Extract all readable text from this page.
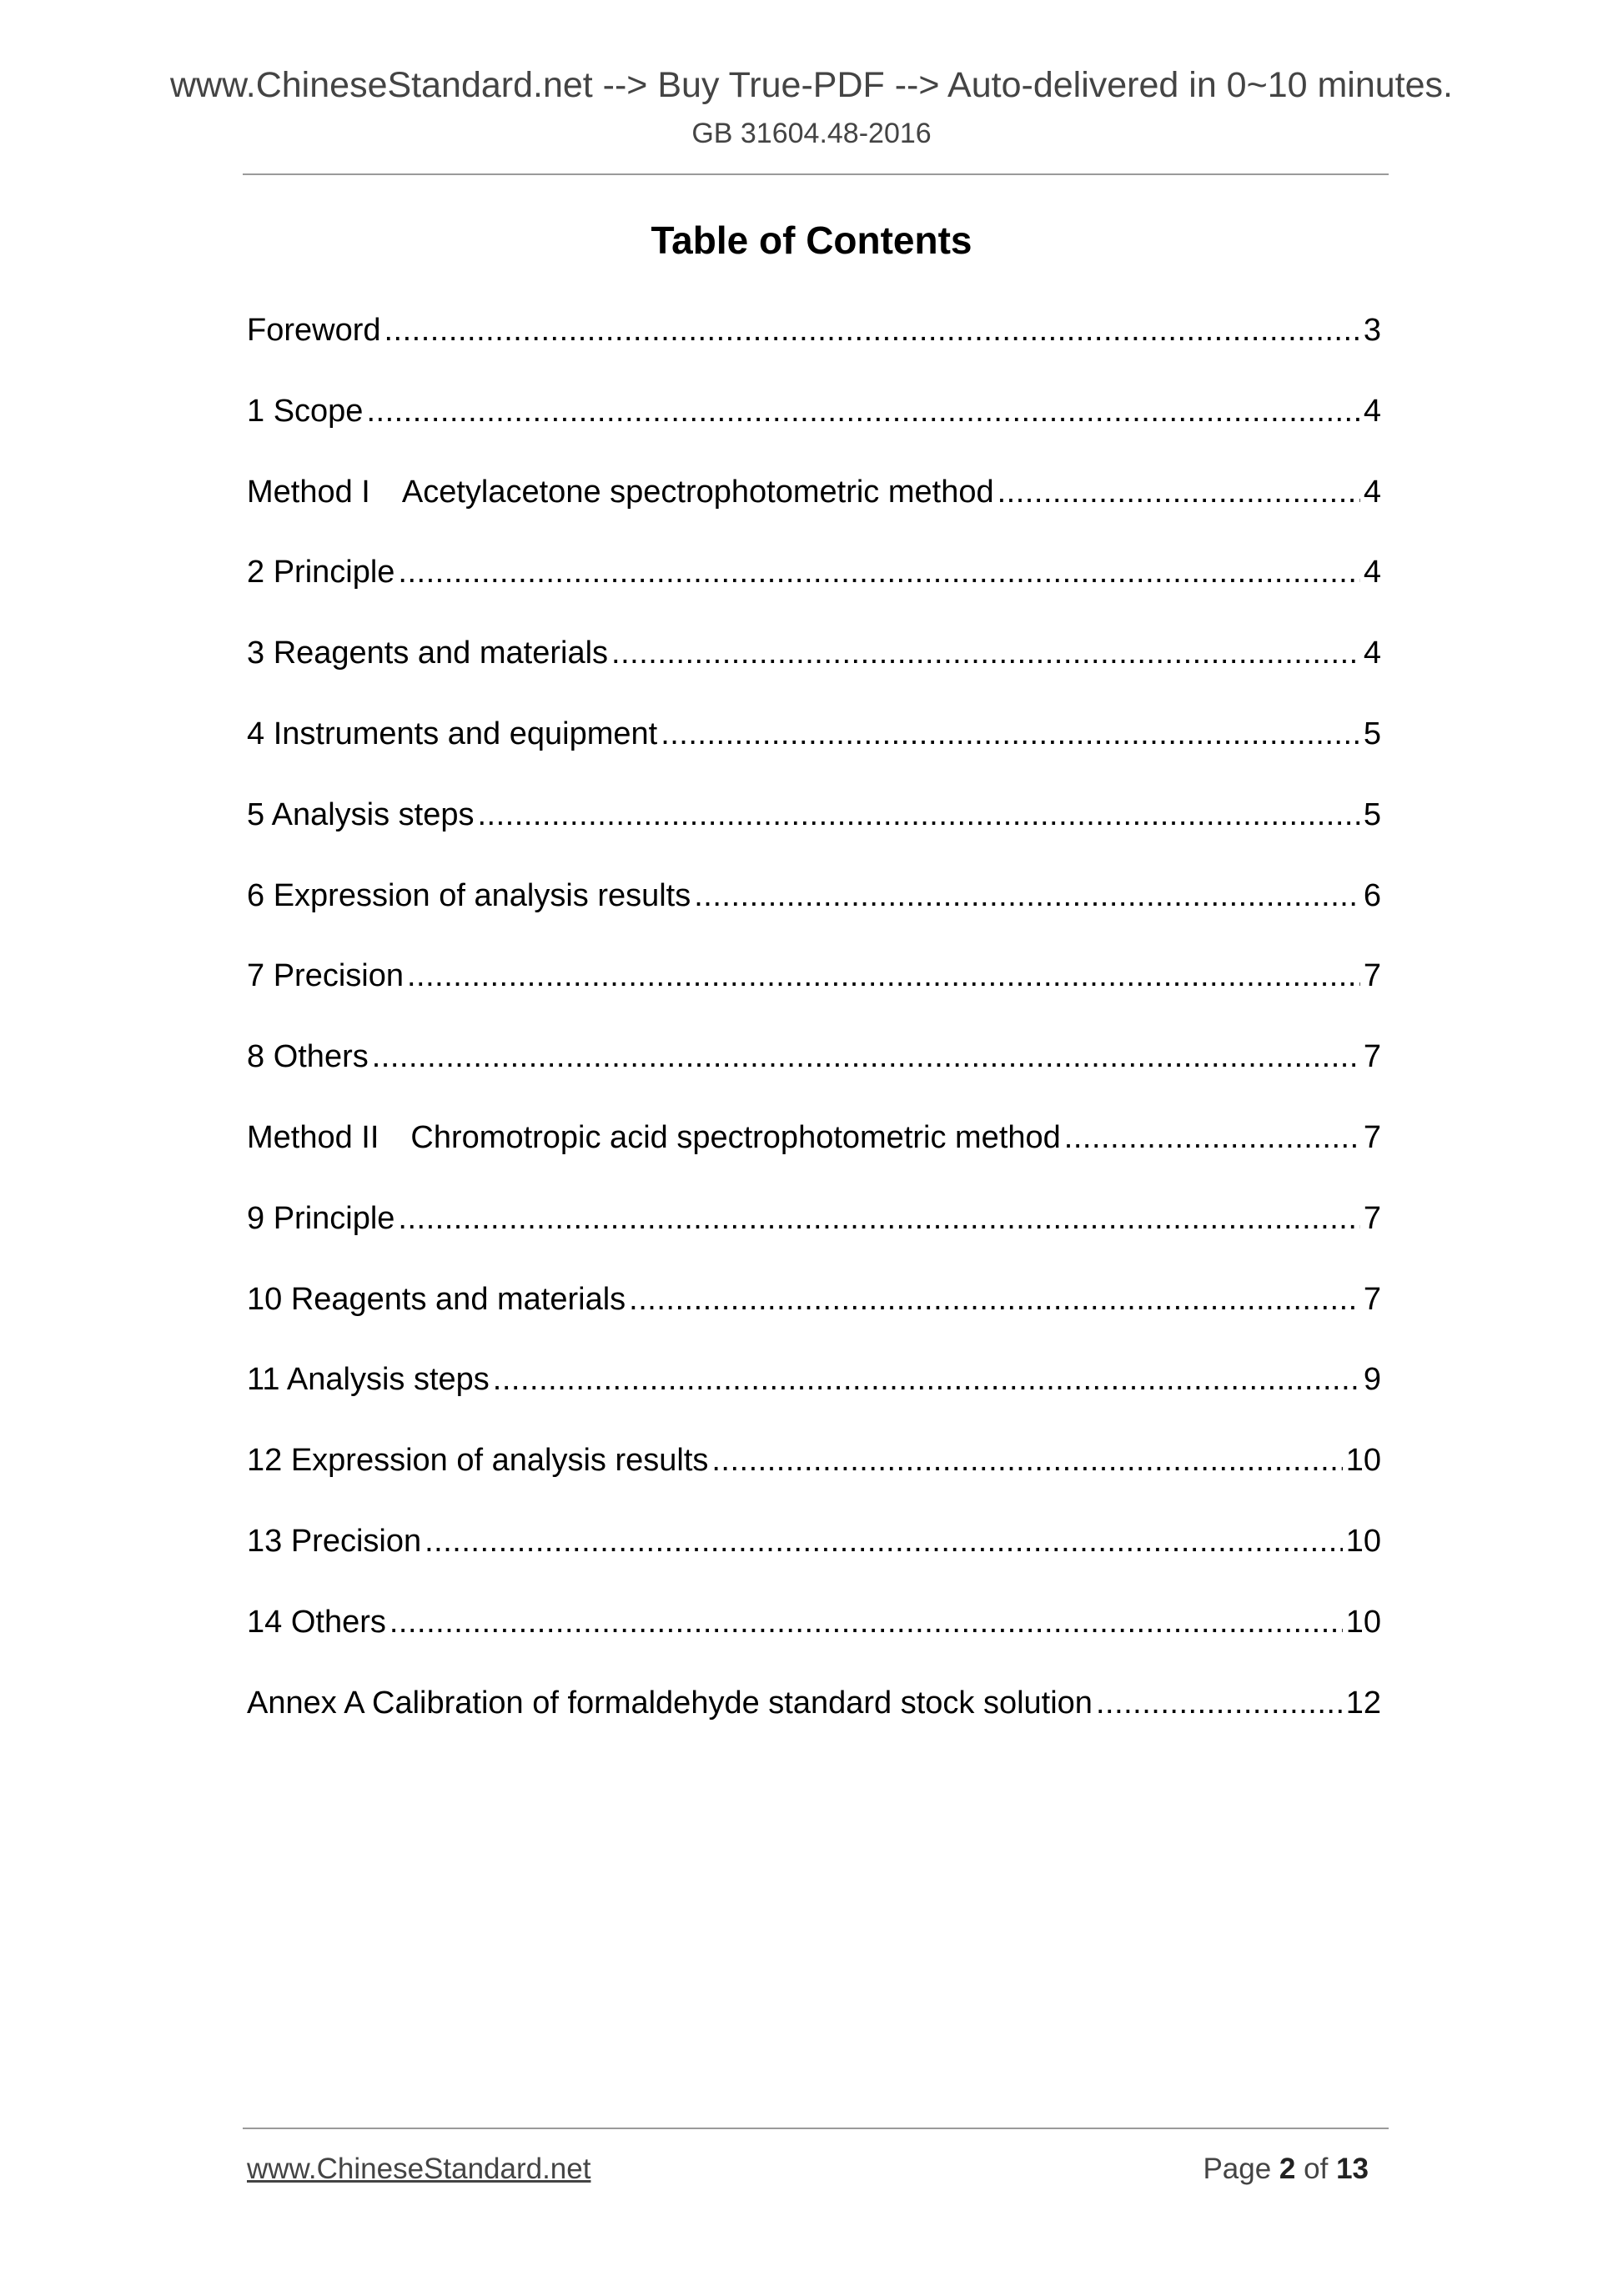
www.ChineseStandard.net --> Buy True-PDF --> Auto-delivered in 0~10 minutes.
GB 31604.48-2016
Table of Contents
Foreword .....	3
1 Scope .....	4
Method I Acetylacetone spectrophotometric method .....	4
2 Principle .....	4
3 Reagents and materials .....	4
4 Instruments and equipment .....	5
5 Analysis steps .....	5
6 Expression of analysis results .....	6
7 Precision .....	7
8 Others .....	7
Method II Chromotropic acid spectrophotometric method .....	7
9 Principle .....	7
10 Reagents and materials .....	7
11 Analysis steps .....	9
12 Expression of analysis results .....	10
13 Precision .....	10
14 Others .....	10
Annex A Calibration of formaldehyde standard stock solution .....	12
www.ChineseStandard.net	Page 2 of 13
